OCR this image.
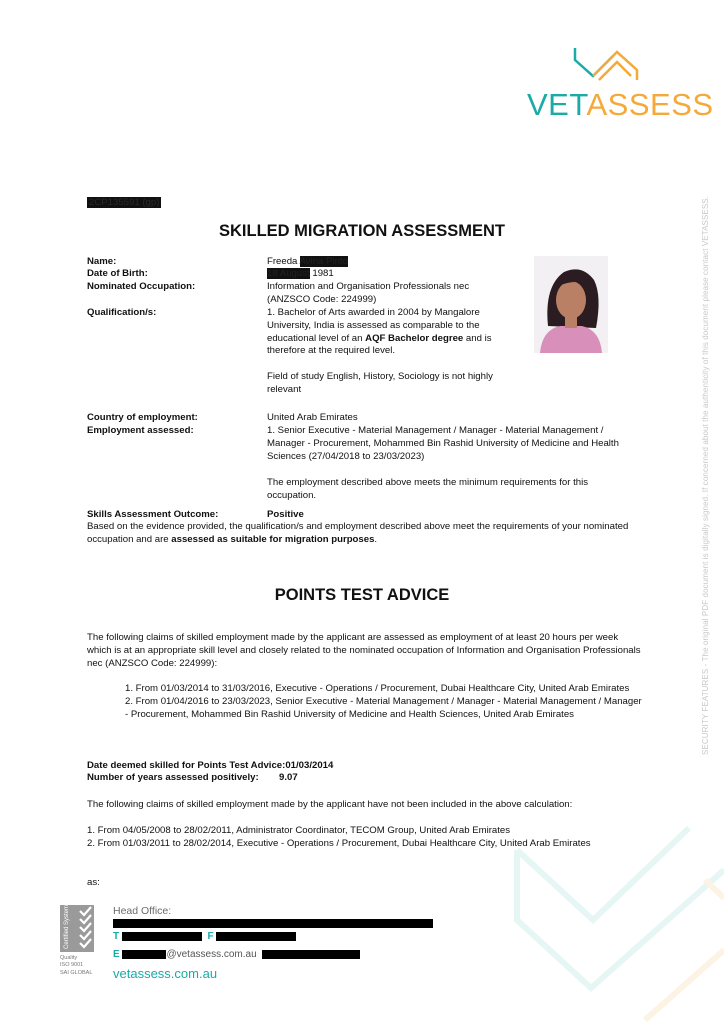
VETASSESS
2CP135591 (gp)
SKILLED MIGRATION ASSESSMENT
Name:	Freeda Avina Pinto
Date of Birth:	18 August 1981
Nominated Occupation:	Information and Organisation Professionals nec
(ANZSCO Code: 224999)
Qualification/s:	1. Bachelor of Arts awarded in 2004 by Mangalore University, India is assessed as comparable to the educational level of an AQF Bachelor degree and is therefore at the required level.
Field of study English, History, Sociology is not highly relevant
Country of employment:	United Arab Emirates
Employment assessed:	1. Senior Executive - Material Management / Manager - Material Management / Manager - Procurement, Mohammed Bin Rashid University of Medicine and Health Sciences (27/04/2018 to 23/03/2023)
The employment described above meets the minimum requirements for this occupation.
Skills Assessment Outcome:	Positive
Based on the evidence provided, the qualification/s and employment described above meet the requirements of your nominated occupation and are assessed as suitable for migration purposes.
POINTS TEST ADVICE
The following claims of skilled employment made by the applicant are assessed as employment of at least 20 hours per week which is at an appropriate skill level and closely related to the nominated occupation of Information and Organisation Professionals nec (ANZSCO Code: 224999):
1. From 01/03/2014 to 31/03/2016, Executive - Operations / Procurement, Dubai Healthcare City, United Arab Emirates
2. From 01/04/2016 to 23/03/2023, Senior Executive - Material Management / Manager - Material Management / Manager - Procurement, Mohammed Bin Rashid University of Medicine and Health Sciences, United Arab Emirates
Date deemed skilled for Points Test Advice:01/03/2014
Number of years assessed positively: 9.07
The following claims of skilled employment made by the applicant have not been included in the above calculation:
1. From 04/05/2008 to 28/02/2011, Administrator Coordinator, TECOM Group, United Arab Emirates
2. From 01/03/2011 to 28/02/2014, Executive - Operations / Procurement, Dubai Healthcare City, United Arab Emirates
as:
SECURITY FEATURES - The original PDF document is digitally signed. If concerned about the authenticity of this document please contact VETASSESS.
Certified System
Quality
ISO 9001
SAI GLOBAL
Head Office:
T	F
E	@vetassess.com.au
vetassess.com.au
